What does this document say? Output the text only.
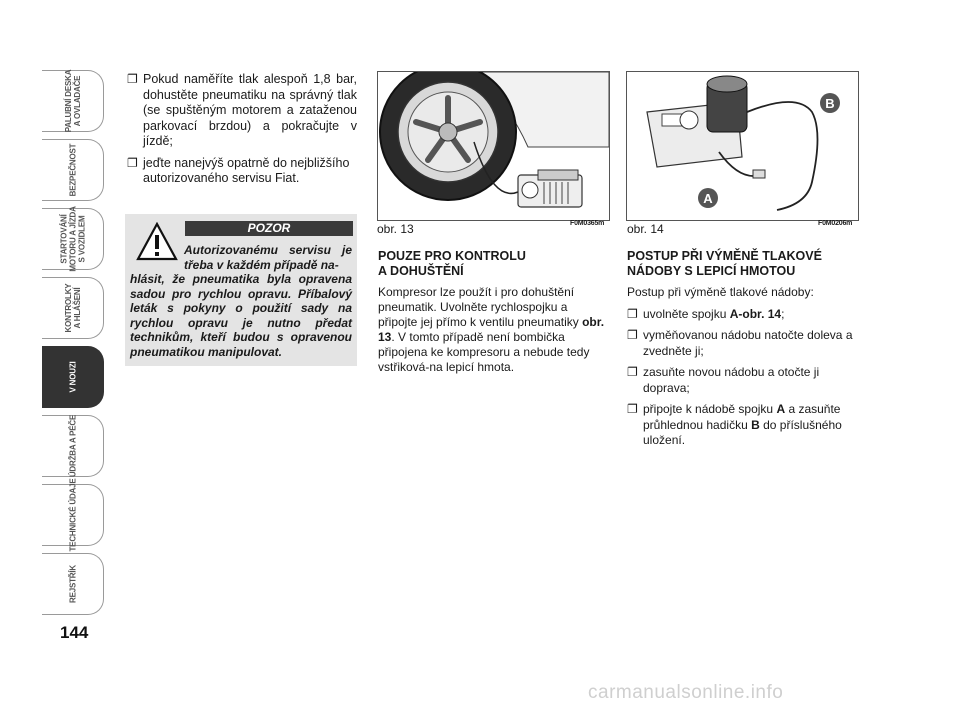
PALUBNÍ DESKA
A OVLADAČE
BEZPEČNOST
STARTOVÁNÍ
MOTORU A JÍZDA
S VOZIDLEM
KONTROLKY
A HLÁŠENÍ
V NOUZI
ÚDRŽBA A PÉČE
TECHNICKÉ ÚDAJE
REJSTŘÍK
144
❐ Pokud naměříte tlak alespoň 1,8 bar, dohustěte pneumatiku na správný tlak (se spuštěným motorem a zataženou parkovací brzdou) a pokračujte v jízdě;
❐ jeďte nanejvýš opatrně do nejbližšího autorizovaného servisu Fiat.
POZOR
Autorizovanému servisu je třeba v každém případě na-
hlásit, že pneumatika byla opravena sadou pro rychlou opravu. Příbalový leták s pokyny o použití sady na rychlou opravu je nutno předat technikům, kteří budou s opravenou pneumatikou manipulovat.
obr. 13	F0M0365m
POUZE PRO KONTROLU
A DOHUŠTĚNÍ

Kompresor lze použít i pro dohuštění pneumatik. Uvolněte rychlospojku a připojte jej přímo k ventilu pneumatiky obr. 13. V tomto případě není bombička připojena ke kompresoru a nebude tedy vstřiková-na lepicí hmota.

B
A
obr. 14	F0M0206m
POSTUP PŘI VÝMĚNĚ TLAKOVÉ
NÁDOBY S LEPICÍ HMOTOU

Postup při výměně tlakové nádoby:

❐ uvolněte spojku A-obr. 14;
❐ vyměňovanou nádobu natočte doleva a zvedněte ji;
❐ zasuňte novou nádobu a otočte ji doprava;
❐ připojte k nádobě spojku A a zasuňte průhlednou hadičku B do příslušného uložení.
carmanualsonline.info
